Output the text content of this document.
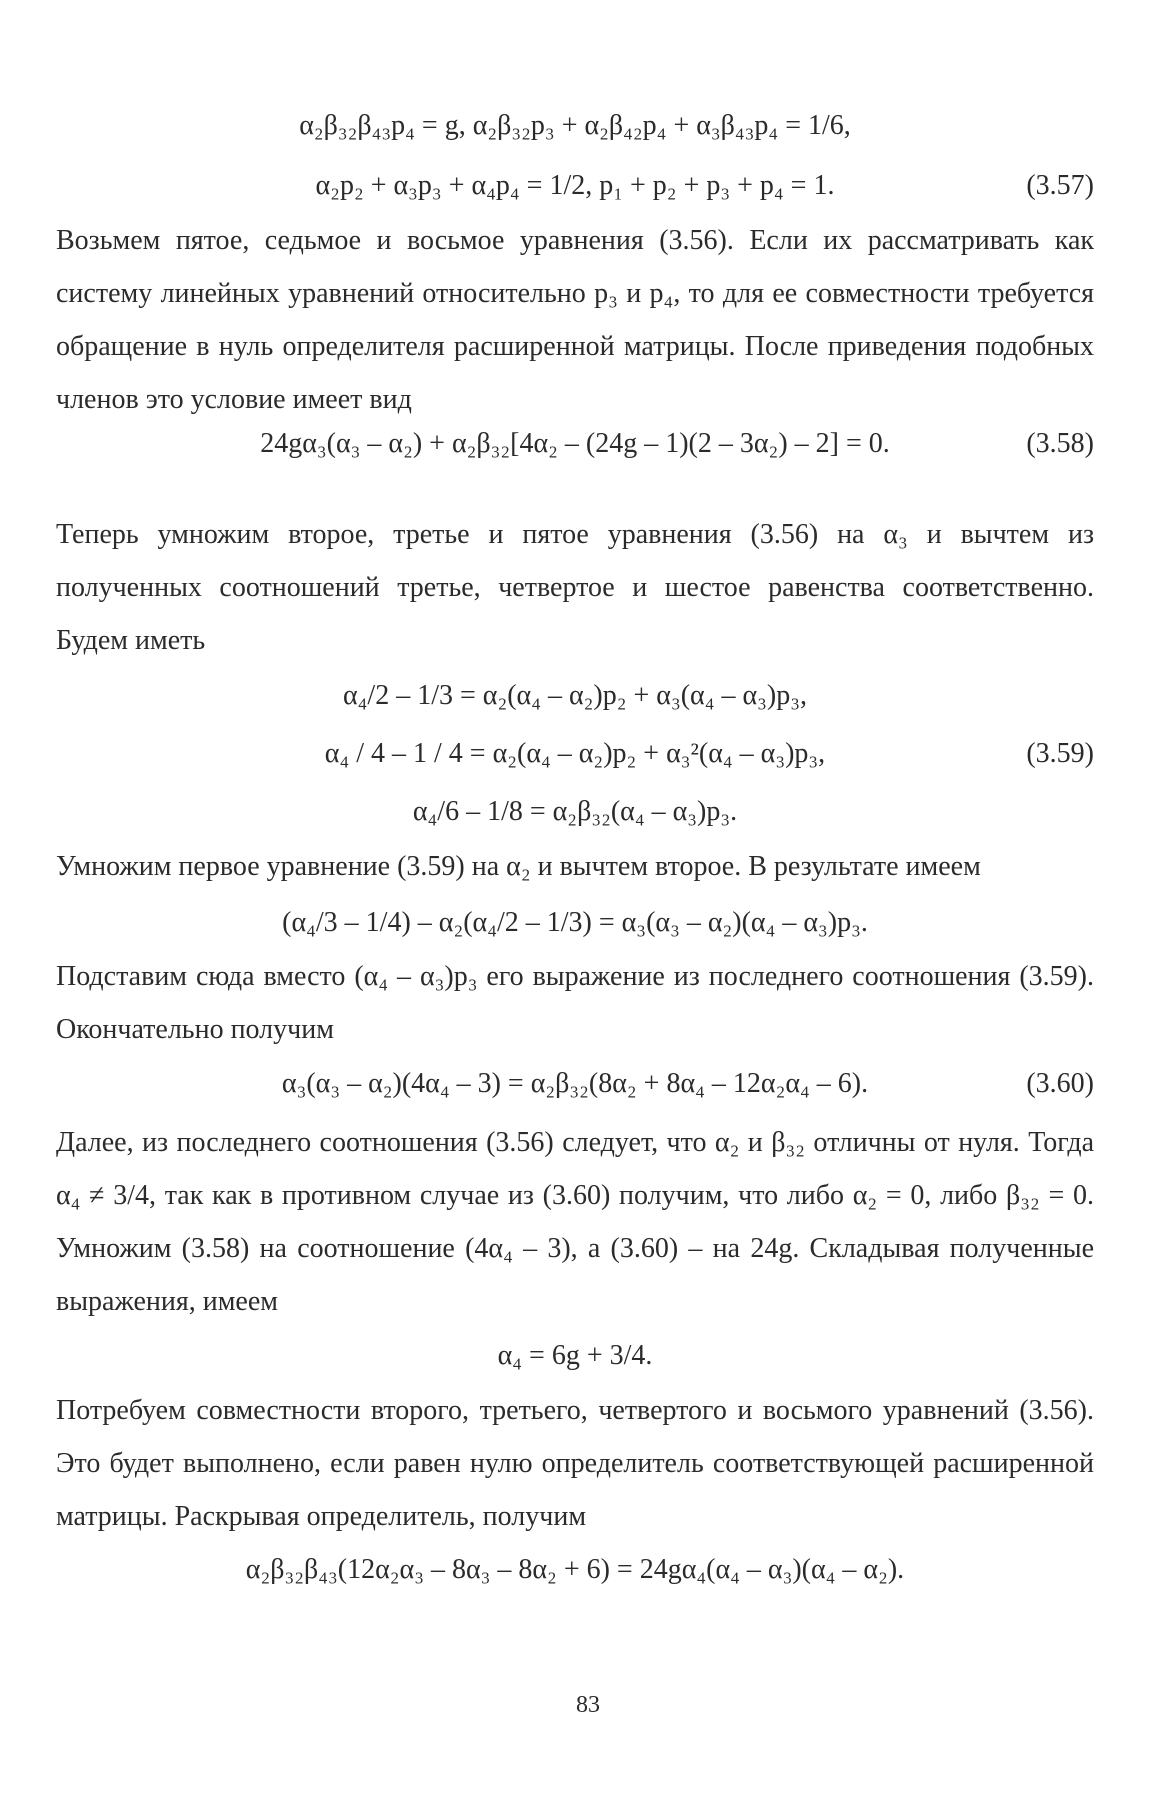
α₂β₃₂β₄₃p₄ = g, α₂β₃₂p₃ + α₂β₄₂p₄ + α₃β₄₃p₄ = 1/6,
α₂p₂ + α₃p₃ + α₄p₄ = 1/2, p₁ + p₂ + p₃ + p₄ = 1.	(3.57)
Возьмем пятое, седьмое и восьмое уравнения (3.56). Если их рассматривать как систему линейных уравнений относительно p₃ и p₄, то для ее совместности требуется обращение в нуль определителя расширенной матрицы. После приведения подобных членов это условие имеет вид
24gα₃(α₃ – α₂) + α₂β₃₂[4α₂ – (24g – 1)(2 – 3α₂) – 2] = 0.	(3.58)
Теперь умножим второе, третье и пятое уравнения (3.56) на α₃ и вычтем из полученных соотношений третье, четвертое и шестое равенства соответственно. Будем иметь
α₄/2 – 1/3 = α₂(α₄ – α₂)p₂ + α₃(α₄ – α₃)p₃,
α₄ / 4 – 1 / 4 = α₂(α₄ – α₂)p₂ + α₃²(α₄ – α₃)p₃,	(3.59)
α₄/6 – 1/8 = α₂β₃₂(α₄ – α₃)p₃.
Умножим первое уравнение (3.59) на α₂ и вычтем второе. В результате имеем
(α₄/3 – 1/4) – α₂(α₄/2 – 1/3) = α₃(α₃ – α₂)(α₄ – α₃)p₃.
Подставим сюда вместо (α₄ – α₃)p₃ его выражение из последнего соотношения (3.59). Окончательно получим
α₃(α₃ – α₂)(4α₄ – 3) = α₂β₃₂(8α₂ + 8α₄ – 12α₂α₄ – 6).	(3.60)
Далее, из последнего соотношения (3.56) следует, что α₂ и β₃₂ отличны от нуля. Тогда α₄ ≠ 3/4, так как в противном случае из (3.60) получим, что либо α₂ = 0, либо β₃₂ = 0. Умножим (3.58) на соотношение (4α₄ – 3), а (3.60) – на 24g. Складывая полученные выражения, имеем
α₄ = 6g + 3/4.
Потребуем совместности второго, третьего, четвертого и восьмого уравнений (3.56). Это будет выполнено, если равен нулю определитель соответствующей расширенной матрицы. Раскрывая определитель, получим
α₂β₃₂β₄₃(12α₂α₃ – 8α₃ – 8α₂ + 6) = 24gα₄(α₄ – α₃)(α₄ – α₂).
83
